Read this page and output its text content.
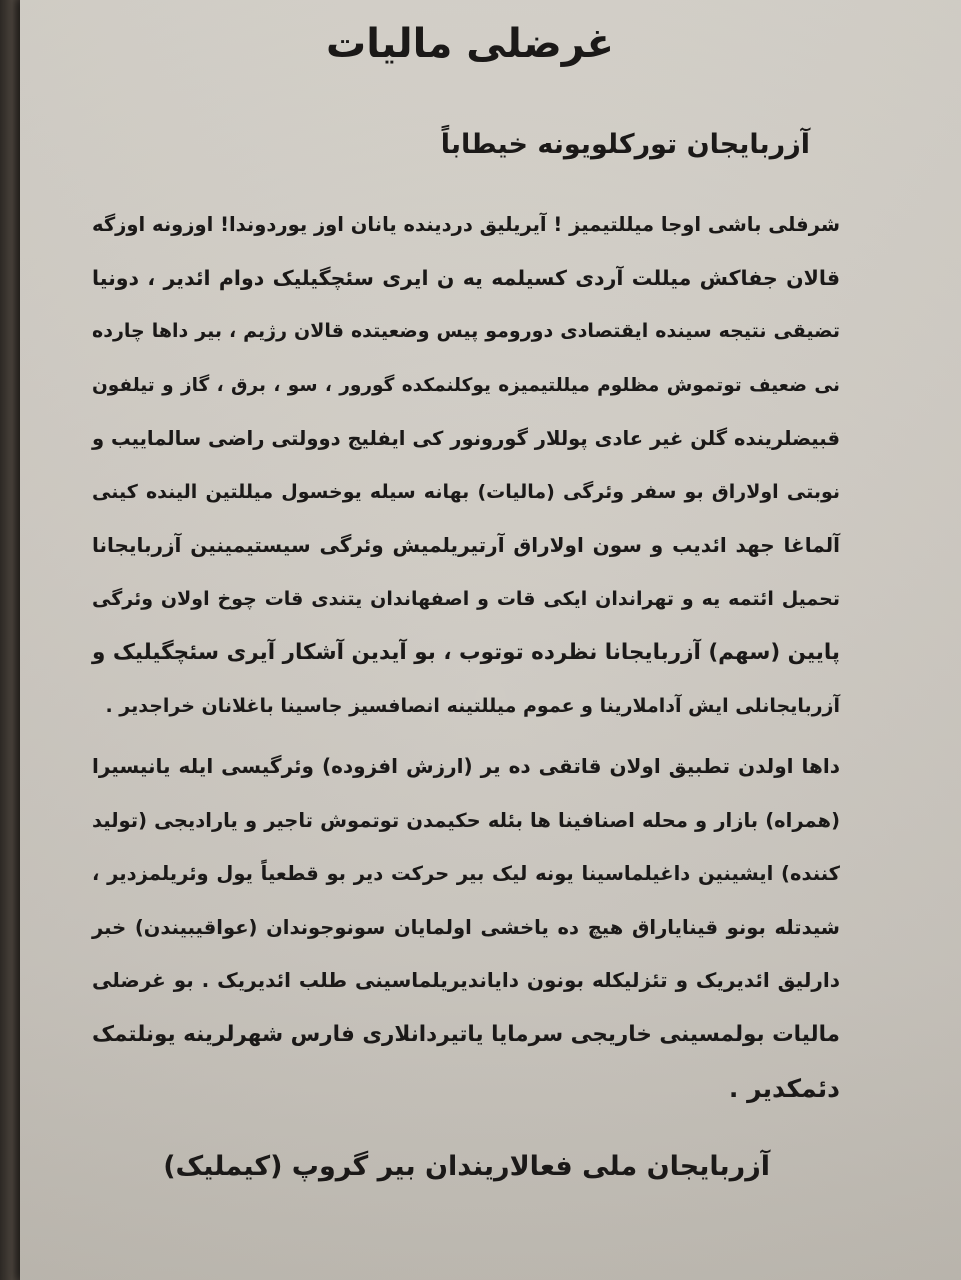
غرضلی مالیات
آزربایجان تورکلویونه خیطاباً
شرفلی باشی اوجا میللتیمیز ! آیریلیق دردینده یانان اوز یوردوندا! اوزونه اوزگه
قالان جفاکش میللت آردی کسیلمه یه ن ایری سئچگیلیک دوام ائدیر ، دونیا
تضیقی نتیجه سینده ایقتصادی دورومو پیس وضعیتده قالان رژیم ، بیر داها چارده
نی ضعیف توتموش مظلوم میللتیمیزه یوکلنمکده گورور ، سو ، برق ، گاز و تیلفون
قبیضلرینده گلن غیر عادی پوللار گورونور کی ایفلیج دوولتی راضی سالماییب و
نوبتی اولاراق بو سفر وئرگی (مالیات) بهانه سیله یوخسول میللتین الینده کینی
آلماغا جهد ائدیب و سون اولاراق آرتیریلمیش وئرگی سیستیمینین آزربایجانا
تحمیل ائتمه یه و تهراندان ایکی قات و اصفهاندان یتندی قات چوخ اولان وئرگی
پایین (سهم) آزربایجانا نظرده توتوب ، بو آیدین آشکار آیری سئچگیلیک و
آزربایجانلی ایش آداملارینا و عموم میللتینه انصافسیز جاسینا باغلانان خراجدیر .
داها اولدن تطبیق اولان قاتقی ده یر (ارزش افزوده) وئرگیسی ایله یانیسیرا
(همراه) بازار و محله اصنافینا ها بئله حکیمدن توتموش تاجیر و یارادیجی (تولید
کننده) ایشینین داغیلماسینا یونه لیک بیر حرکت دیر بو قطعیاً یول وئریلمزدیر ،
شیدتله بونو قینایاراق هیچ ده یاخشی اولمایان سونوجوندان (عواقیبیندن) خبر
دارلیق ائدیریک و تئزلیکله بونون دایاندیریلماسینی طلب ائدیریک . بو غرضلی
مالیات بولمسینی خاریجی سرمایا یاتیردانلاری فارس شهرلرینه یونلتمک
دئمکدیر .
آزربایجان ملی فعالاریندان بیر گروپ (کیملیک)
